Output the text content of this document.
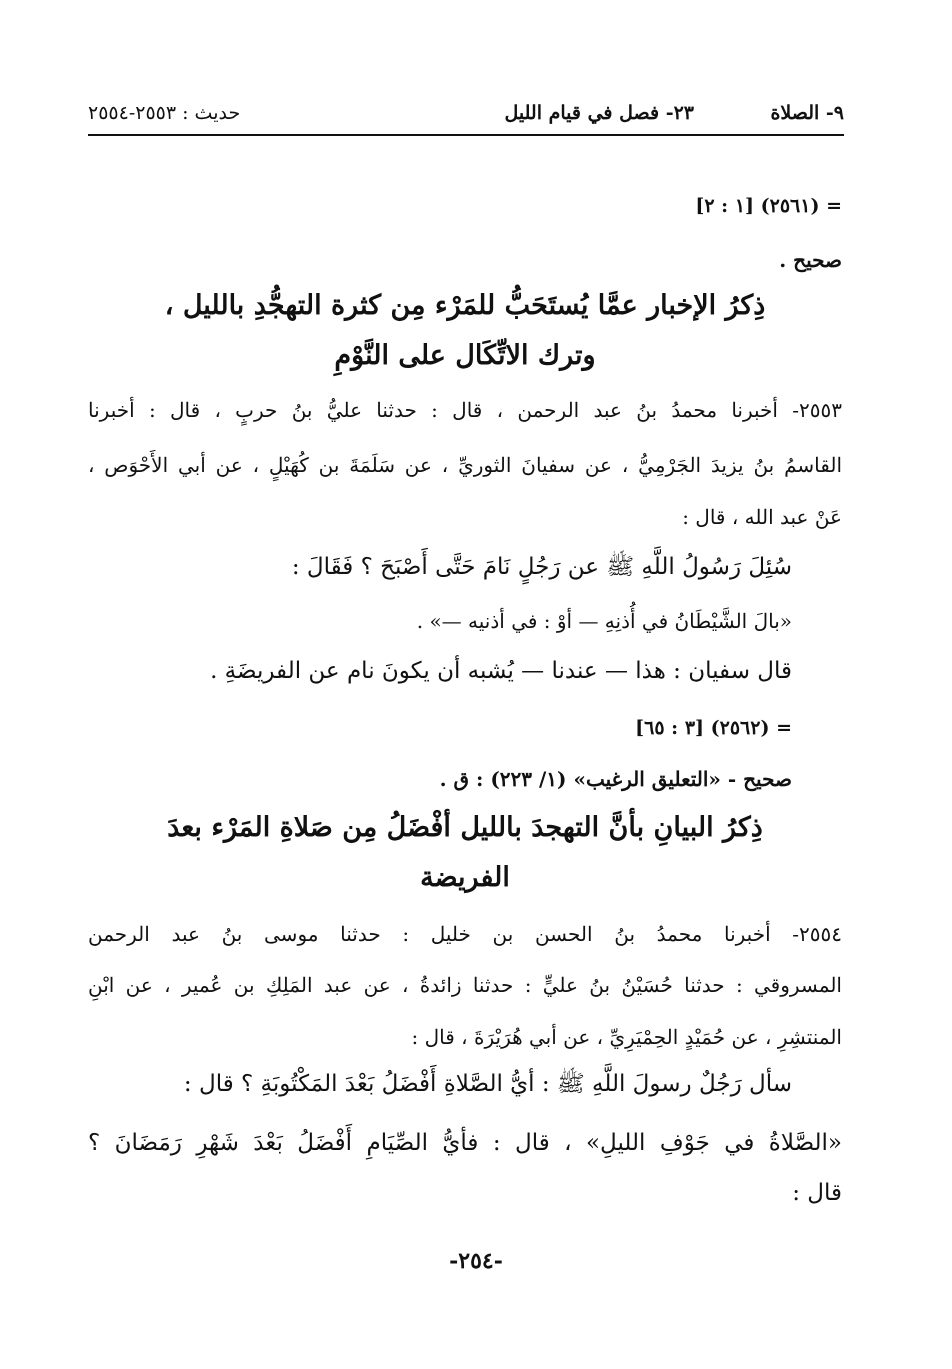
٩- الصلاة
٢٣- فصل في قيام الليل
حديث : ٢٥٥٣-٢٥٥٤
= (٢٥٦١) [١ : ٢]
صحيح .
ذِكرُ الإخبار عمَّا يُستَحَبُّ للمَرْء مِن كثرة التهجُّدِ بالليل ،
وترك الاتِّكَال على النَّوْمِ
٢٥٥٣- أخبرنا محمدُ بنُ عبد الرحمن ، قال : حدثنا عليُّ بنُ حربٍ ، قال : أخبرنا
القاسمُ بنُ يزيدَ الجَرْمِيُّ ، عن سفيانَ الثوريِّ ، عن سَلَمَةَ بن كُهَيْلٍ ، عن أبي الأَحْوَص ،
عَنْ عبد الله ، قال :
سُئِلَ رَسُولُ اللَّهِ ﷺ عن رَجُلٍ نَامَ حَتَّى أَصْبَحَ ؟ فَقَالَ :
«بالَ الشَّيْطَانُ في أُذنِهِ — أوْ : في أذنيه —» .
قال سفيان : هذا — عندنا — يُشبه أن يكونَ نام عن الفريضَةِ .
= (٢٥٦٢) [٣ : ٦٥]
صحيح - «التعليق الرغيب» (١/ ٢٢٣) : ق .
ذِكرُ البيانِ بأنَّ التهجدَ بالليل أفْضَلُ مِن صَلاةِ المَرْء بعدَ
الفريضة
٢٥٥٤- أخبرنا محمدُ بنُ الحسن بن خليل : حدثنا موسى بنُ عبد الرحمن
المسروقي : حدثنا حُسَيْنُ بنُ عليٍّ : حدثنا زائدةُ ، عن عبد المَلِكِ بن عُمير ، عن ابْنِ
المنتشِرِ ، عن حُمَيْدٍ الحِمْيَرِيِّ ، عن أبي هُرَيْرَةَ ، قال :
سأل رَجُلٌ رسولَ اللَّهِ ﷺ : أيُّ الصَّلاةِ أَفْضَلُ بَعْدَ المَكْتُوبَةِ ؟ قال :
«الصَّلاةُ في جَوْفِ الليلِ» ، قال : فأيُّ الصِّيَامِ أَفْضَلُ بَعْدَ شَهْرِ رَمَضَانَ ؟
قال :
-٢٥٤-
